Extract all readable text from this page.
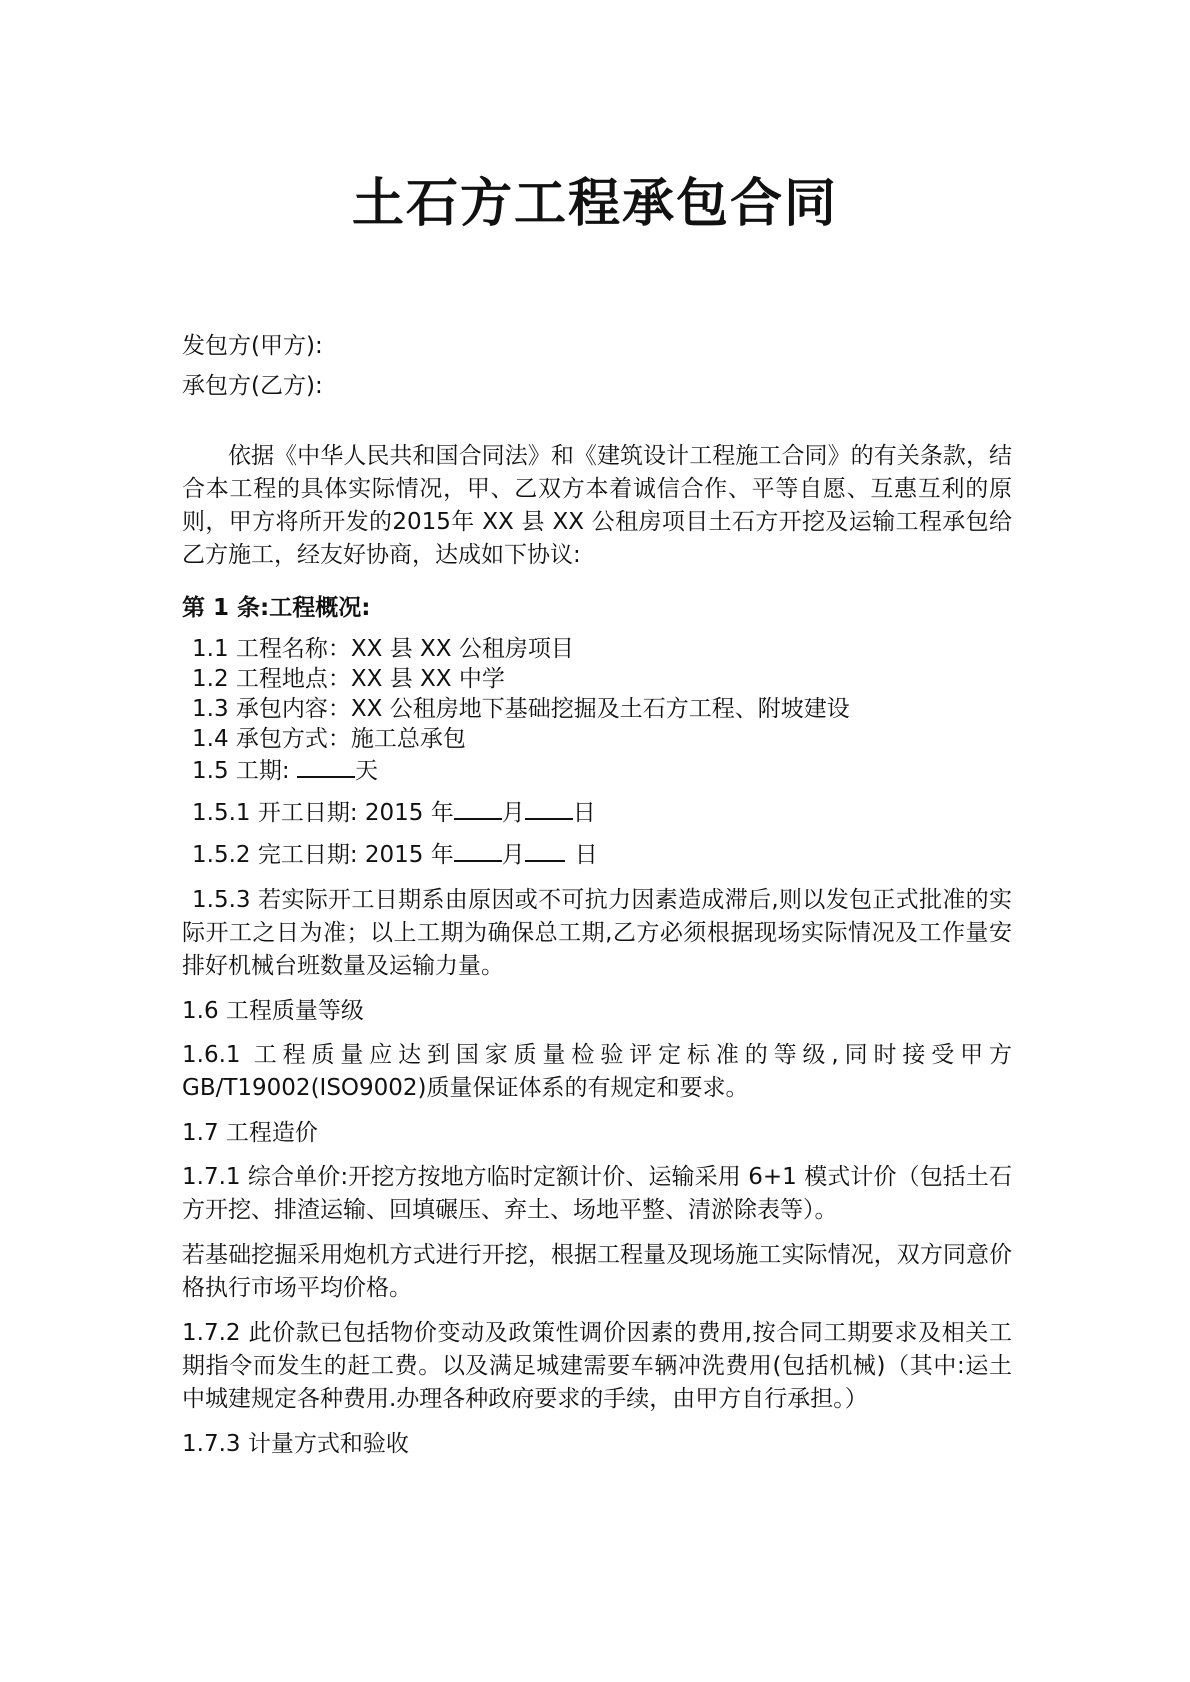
土石方工程承包合同
发包方(甲方):
承包方(乙方):
依据《中华人民共和国合同法》和《建筑设计工程施工合同》的有关条款，结合本工程的具体实际情况，甲、乙双方本着诚信合作、平等自愿、互惠互利的原则，甲方将所开发的2015年 XX 县 XX 公租房项目土石方开挖及运输工程承包给乙方施工，经友好协商，达成如下协议:
第 1 条:工程概况:
1.1 工程名称：XX 县 XX 公租房项目
1.2 工程地点：XX 县 XX 中学
1.3 承包内容：XX 公租房地下基础挖掘及土石方工程、附坡建设
1.4 承包方式：施工总承包
1.5 工期:	天
1.5.1 开工日期: 2015 年 月 日
1.5.2 完工日期: 2015 年 月 日
1.5.3 若实际开工日期系由原因或不可抗力因素造成滞后,则以发包正式批准的实际开工之日为准；以上工期为确保总工期,乙方必须根据现场实际情况及工作量安排好机械台班数量及运输力量。
1.6 工程质量等级
1.6.1 工程质量应达到国家质量检验评定标准的等级,同时接受甲方GB/T19002(ISO9002)质量保证体系的有规定和要求。
1.7 工程造价
1.7.1 综合单价:开挖方按地方临时定额计价、运输采用 6+1 模式计价（包括土石方开挖、排渣运输、回填碾压、弃土、场地平整、清淤除表等）。
若基础挖掘采用炮机方式进行开挖，根据工程量及现场施工实际情况，双方同意价格执行市场平均价格。
1.7.2 此价款已包括物价变动及政策性调价因素的费用,按合同工期要求及相关工期指令而发生的赶工费。以及满足城建需要车辆冲洗费用(包括机械)（其中:运土中城建规定各种费用.办理各种政府要求的手续，由甲方自行承担。）
1.7.3 计量方式和验收
